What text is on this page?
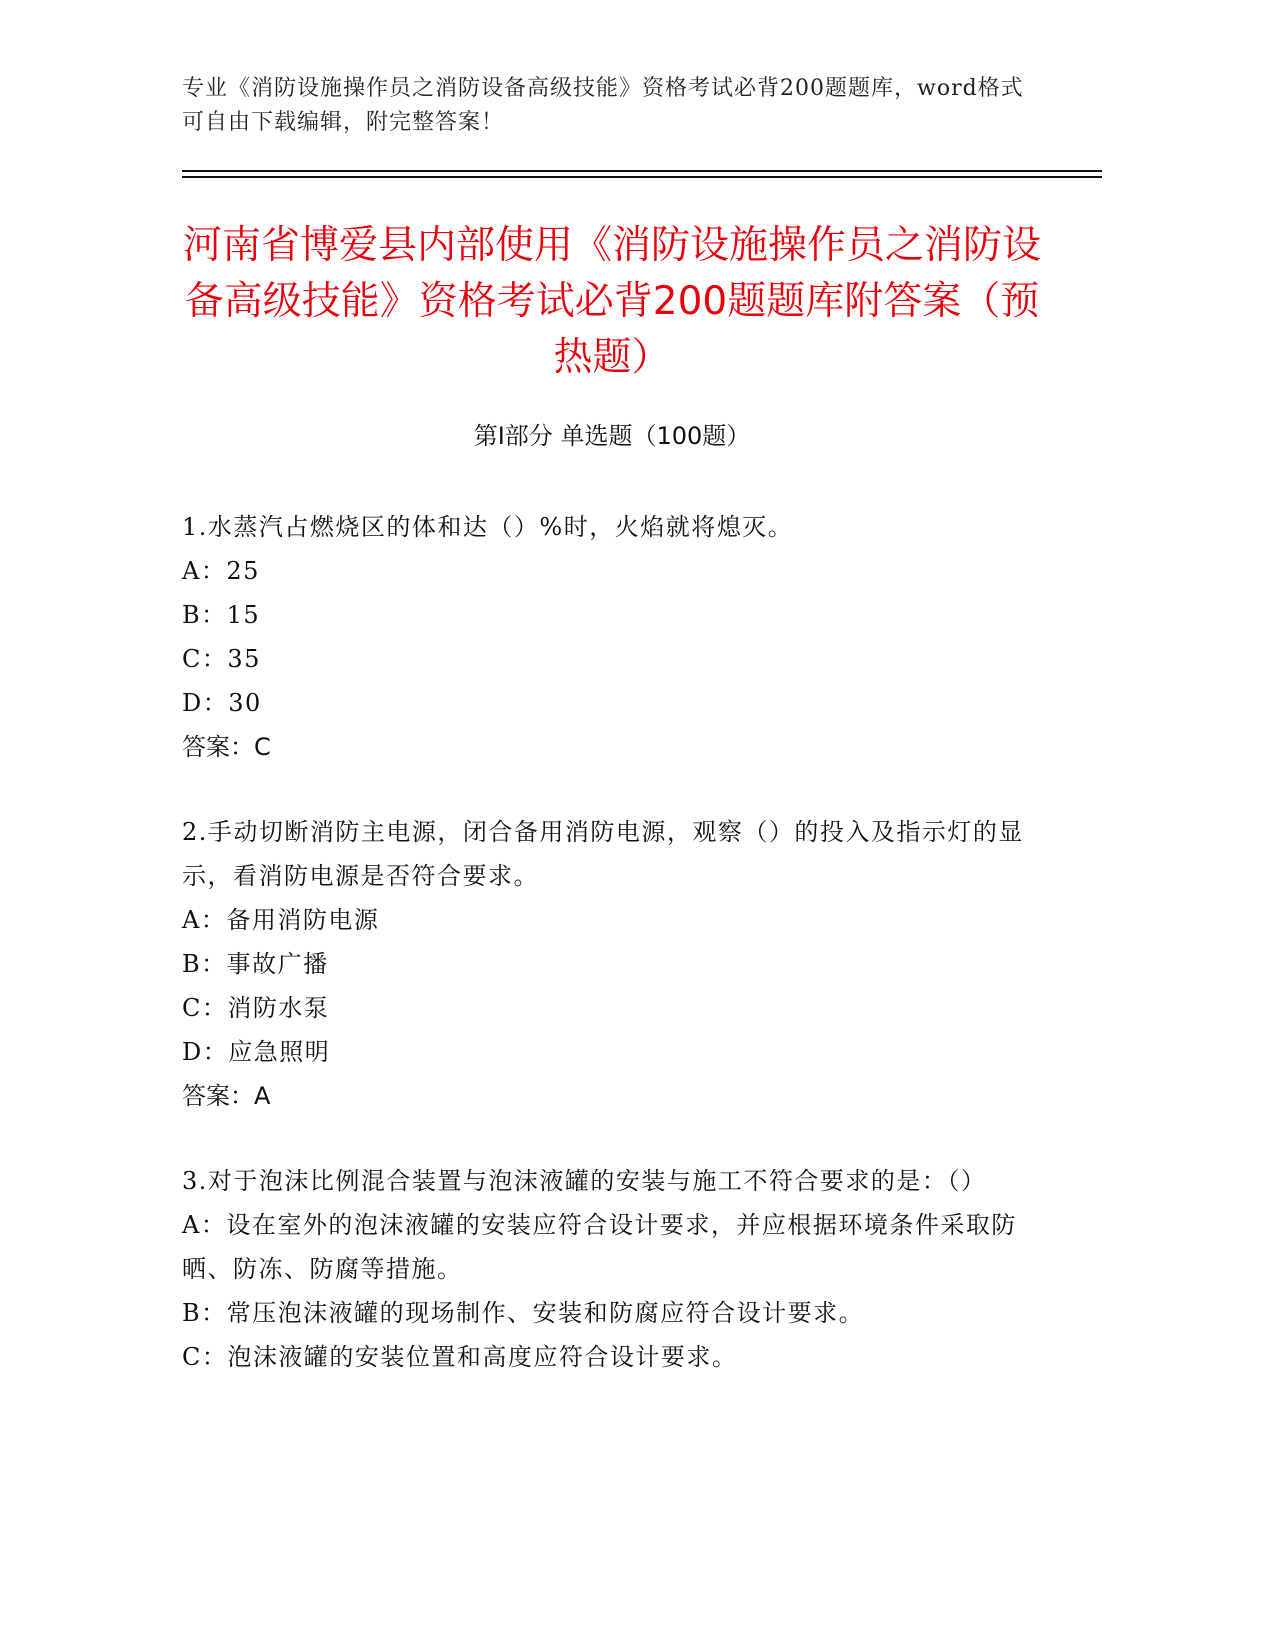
专业《消防设施操作员之消防设备高级技能》资格考试必背200题题库，word格式可自由下载编辑，附完整答案！
河南省博爱县内部使用《消防设施操作员之消防设备高级技能》资格考试必背200题题库附答案（预热题）
第Ⅰ部分 单选题（100题）

1.水蒸汽占燃烧区的体和达（）%时，火焰就将熄灭。

A：25

B：15

C：35

D：30

答案：C

2.手动切断消防主电源，闭合备用消防电源，观察（）的投入及指示灯的显示，看消防电源是否符合要求。

A：备用消防电源

B：事故广播

C：消防水泵

D：应急照明

答案：A

3.对于泡沫比例混合装置与泡沫液罐的安装与施工不符合要求的是：（）

A：设在室外的泡沫液罐的安装应符合设计要求，并应根据环境条件采取防晒、防冻、防腐等措施。

B：常压泡沫液罐的现场制作、安装和防腐应符合设计要求。

C：泡沫液罐的安装位置和高度应符合设计要求。
